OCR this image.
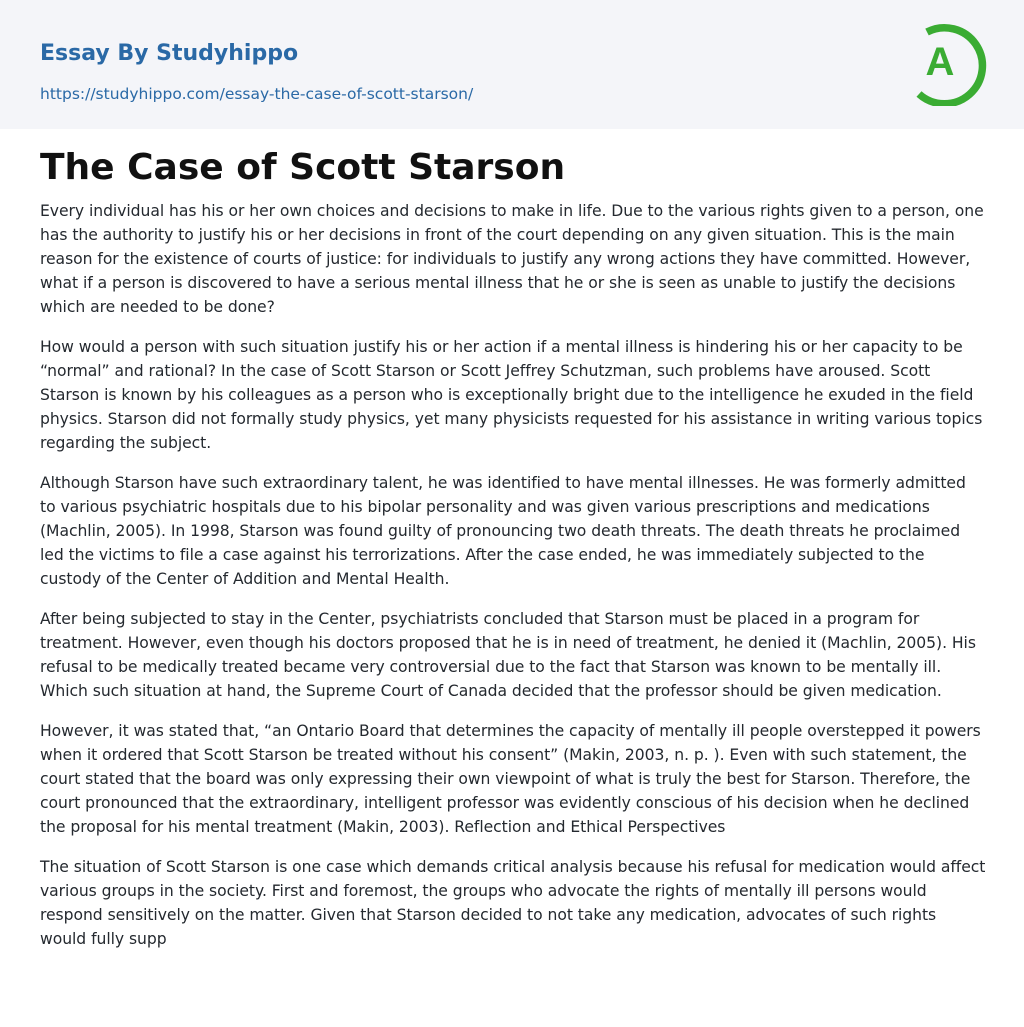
Essay By Studyhippo
https://studyhippo.com/essay-the-case-of-scott-starson/
A
The Case of Scott Starson

Every individual has his or her own choices and decisions to make in life. Due to the various rights given to a person, one has the authority to justify his or her decisions in front of the court depending on any given situation. This is the main reason for the existence of courts of justice: for individuals to justify any wrong actions they have committed. However, what if a person is discovered to have a serious mental illness that he or she is seen as unable to justify the decisions which are needed to be done?

How would a person with such situation justify his or her action if a mental illness is hindering his or her capacity to be “normal” and rational? In the case of Scott Starson or Scott Jeffrey Schutzman, such problems have aroused. Scott Starson is known by his colleagues as a person who is exceptionally bright due to the intelligence he exuded in the field physics. Starson did not formally study physics, yet many physicists requested for his assistance in writing various topics regarding the subject.

Although Starson have such extraordinary talent, he was identified to have mental illnesses. He was formerly admitted to various psychiatric hospitals due to his bipolar personality and was given various prescriptions and medications (Machlin, 2005). In 1998, Starson was found guilty of pronouncing two death threats. The death threats he proclaimed led the victims to file a case against his terrorizations. After the case ended, he was immediately subjected to the custody of the Center of Addition and Mental Health.

After being subjected to stay in the Center, psychiatrists concluded that Starson must be placed in a program for treatment. However, even though his doctors proposed that he is in need of treatment, he denied it (Machlin, 2005). His refusal to be medically treated became very controversial due to the fact that Starson was known to be mentally ill. Which such situation at hand, the Supreme Court of Canada decided that the professor should be given medication.

However, it was stated that, “an Ontario Board that determines the capacity of mentally ill people overstepped it powers when it ordered that Scott Starson be treated without his consent” (Makin, 2003, n. p. ). Even with such statement, the court stated that the board was only expressing their own viewpoint of what is truly the best for Starson. Therefore, the court pronounced that the extraordinary, intelligent professor was evidently conscious of his decision when he declined the proposal for his mental treatment (Makin, 2003). Reflection and Ethical Perspectives

The situation of Scott Starson is one case which demands critical analysis because his refusal for medication would affect various groups in the society. First and foremost, the groups who advocate the rights of mentally ill persons would respond sensitively on the matter. Given that Starson decided to not take any medication, advocates of such rights would fully supp
